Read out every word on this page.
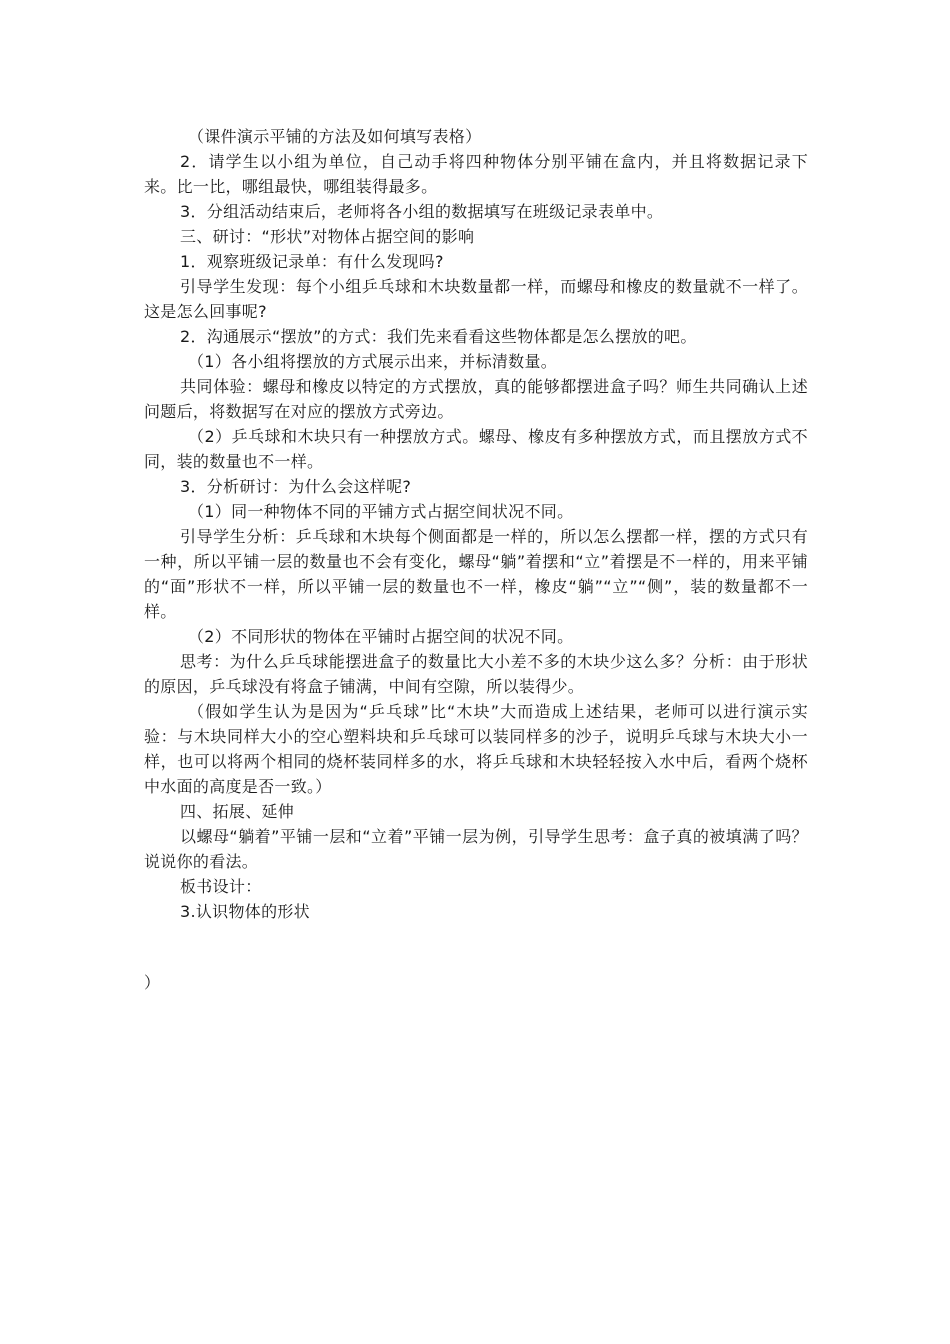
（课件演示平铺的方法及如何填写表格）

2．请学生以小组为单位，自己动手将四种物体分别平铺在盒内，并且将数据记录下来。比一比，哪组最快，哪组装得最多。

3．分组活动结束后，老师将各小组的数据填写在班级记录表单中。

三、研讨：“形状”对物体占据空间的影响

1．观察班级记录单：有什么发现吗?

引导学生发现：每个小组乒乓球和木块数量都一样，而螺母和橡皮的数量就不一样了。这是怎么回事呢?

2．沟通展示“摆放”的方式：我们先来看看这些物体都是怎么摆放的吧。

（1）各小组将摆放的方式展示出来，并标清数量。

共同体验：螺母和橡皮以特定的方式摆放，真的能够都摆进盒子吗？师生共同确认上述问题后，将数据写在对应的摆放方式旁边。

（2）乒乓球和木块只有一种摆放方式。螺母、橡皮有多种摆放方式，而且摆放方式不同，装的数量也不一样。

3．分析研讨：为什么会这样呢?

（1）同一种物体不同的平铺方式占据空间状况不同。

引导学生分析：乒乓球和木块每个侧面都是一样的，所以怎么摆都一样，摆的方式只有一种，所以平铺一层的数量也不会有变化，螺母“躺”着摆和“立”着摆是不一样的，用来平铺的“面”形状不一样，所以平铺一层的数量也不一样，橡皮“躺”“立”“侧”，装的数量都不一样。

（2）不同形状的物体在平铺时占据空间的状况不同。

思考：为什么乒乓球能摆进盒子的数量比大小差不多的木块少这么多？分析：由于形状的原因，乒乓球没有将盒子铺满，中间有空隙，所以装得少。

（假如学生认为是因为“乒乓球”比“木块”大而造成上述结果，老师可以进行演示实验：与木块同样大小的空心塑料块和乒乓球可以装同样多的沙子，说明乒乓球与木块大小一样，也可以将两个相同的烧杯装同样多的水，将乒乓球和木块轻轻按入水中后，看两个烧杯中水面的高度是否一致。）

四、拓展、延伸

以螺母“躺着”平铺一层和“立着”平铺一层为例，引导学生思考：盒子真的被填满了吗？说说你的看法。

板书设计：

3.认识物体的形状

）
